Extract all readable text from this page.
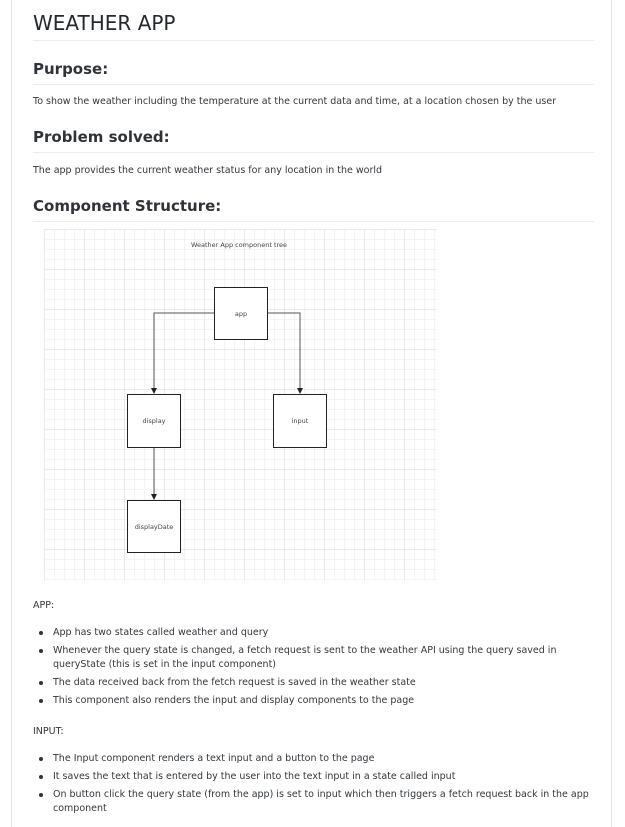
WEATHER APP
Purpose:

To show the weather including the temperature at the current data and time, at a location chosen by the user

Problem solved:

The app provides the current weather status for any location in the world

Component Structure:
Weather App component tree
app
display	input
displayDate

APP:

App has two states called weather and query
Whenever the query state is changed, a fetch request is sent to the weather API using the query saved in queryState (this is set in the input component)
The data received back from the fetch request is saved in the weather state
This component also renders the input and display components to the page

INPUT:

The Input component renders a text input and a button to the page
It saves the text that is entered by the user into the text input in a state called input
On button click the query state (from the app) is set to input which then triggers a fetch request back in the app component
